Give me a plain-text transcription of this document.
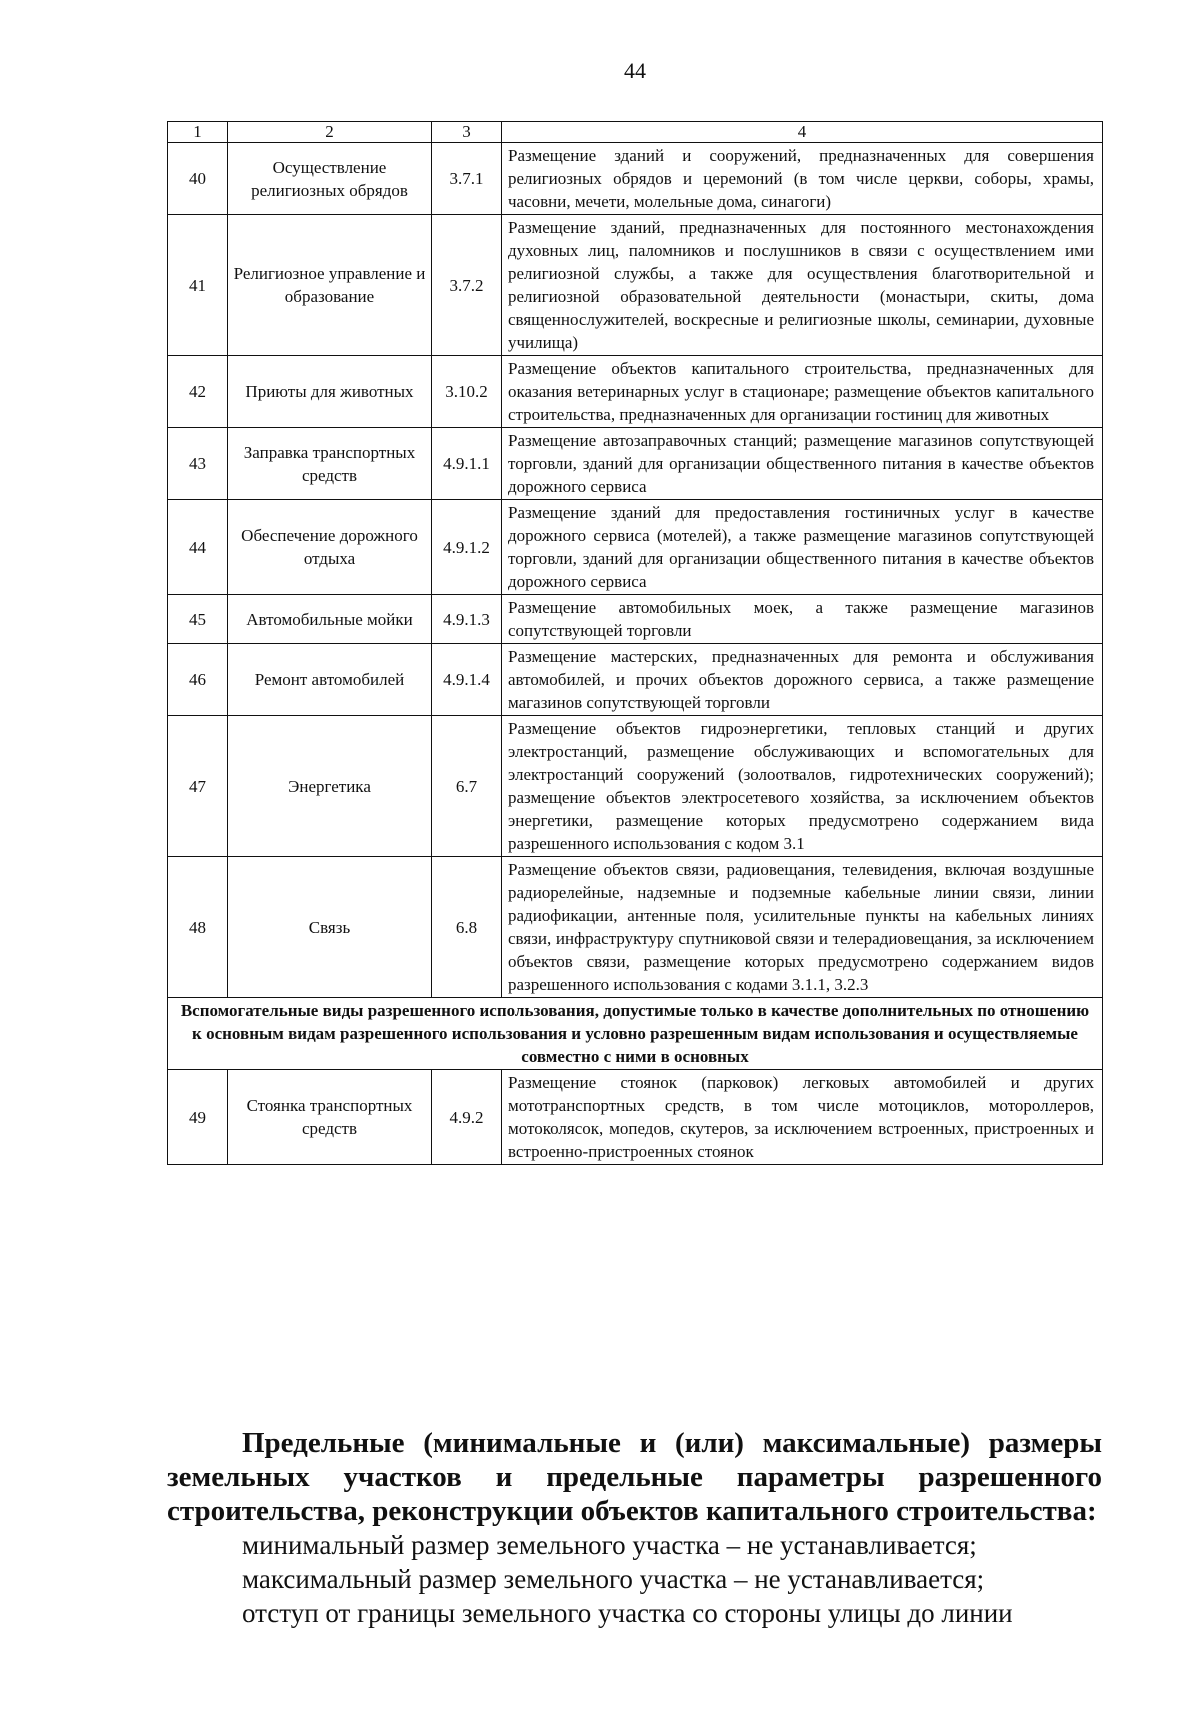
44
1	2	3	4
40	Осуществление религиозных обрядов	3.7.1	Размещение зданий и сооружений, предназначенных для совершения религиозных обрядов и церемоний (в том числе церкви, соборы, храмы, часовни, мечети, молельные дома, синагоги)
41	Религиозное управление и образование	3.7.2	Размещение зданий, предназначенных для постоянного местонахождения духовных лиц, паломников и послушников в связи с осуществлением ими религиозной службы, а также для осуществления благотворительной и религиозной образовательной деятельности (монастыри, скиты, дома священнослужителей, воскресные и религиозные школы, семинарии, духовные училища)
42	Приюты для животных	3.10.2	Размещение объектов капитального строительства, предназначенных для оказания ветеринарных услуг в стационаре; размещение объектов капитального строительства, предназначенных для организации гостиниц для животных
43	Заправка транспортных средств	4.9.1.1	Размещение автозаправочных станций; размещение магазинов сопутствующей торговли, зданий для организации общественного питания в качестве объектов дорожного сервиса
44	Обеспечение дорожного отдыха	4.9.1.2	Размещение зданий для предоставления гостиничных услуг в качестве дорожного сервиса (мотелей), а также размещение магазинов сопутствующей торговли, зданий для организации общественного питания в качестве объектов дорожного сервиса
45	Автомобильные мойки	4.9.1.3	Размещение автомобильных моек, а также размещение магазинов сопутствующей торговли
46	Ремонт автомобилей	4.9.1.4	Размещение мастерских, предназначенных для ремонта и обслуживания автомобилей, и прочих объектов дорожного сервиса, а также размещение магазинов сопутствующей торговли
47	Энергетика	6.7	Размещение объектов гидроэнергетики, тепловых станций и других электростанций, размещение обслуживающих и вспомогательных для электростанций сооружений (золоотвалов, гидротехнических сооружений); размещение объектов электросетевого хозяйства, за исключением объектов энергетики, размещение которых предусмотрено содержанием вида разрешенного использования с кодом 3.1
48	Связь	6.8	Размещение объектов связи, радиовещания, телевидения, включая воздушные радиорелейные, надземные и подземные кабельные линии связи, линии радиофикации, антенные поля, усилительные пункты на кабельных линиях связи, инфраструктуру спутниковой связи и телерадиовещания, за исключением объектов связи, размещение которых предусмотрено содержанием видов разрешенного использования с кодами 3.1.1, 3.2.3
Вспомогательные виды разрешенного использования, допустимые только в качестве дополнительных по отношению к основным видам разрешенного использования и условно разрешенным видам использования и осуществляемые совместно с ними в основных			
49	Стоянка транспортных средств	4.9.2	Размещение стоянок (парковок) легковых автомобилей и других мототранспортных средств, в том числе мотоциклов, мотороллеров, мотоколясок, мопедов, скутеров, за исключением встроенных, пристроенных и встроенно-пристроенных стоянок

Предельные (минимальные и (или) максимальные) размеры земельных участков и предельные параметры разрешенного строительства, реконструкции объектов капитального строительства:

минимальный размер земельного участка – не устанавливается;

максимальный размер земельного участка – не устанавливается;

отступ от границы земельного участка со стороны улицы до линии
